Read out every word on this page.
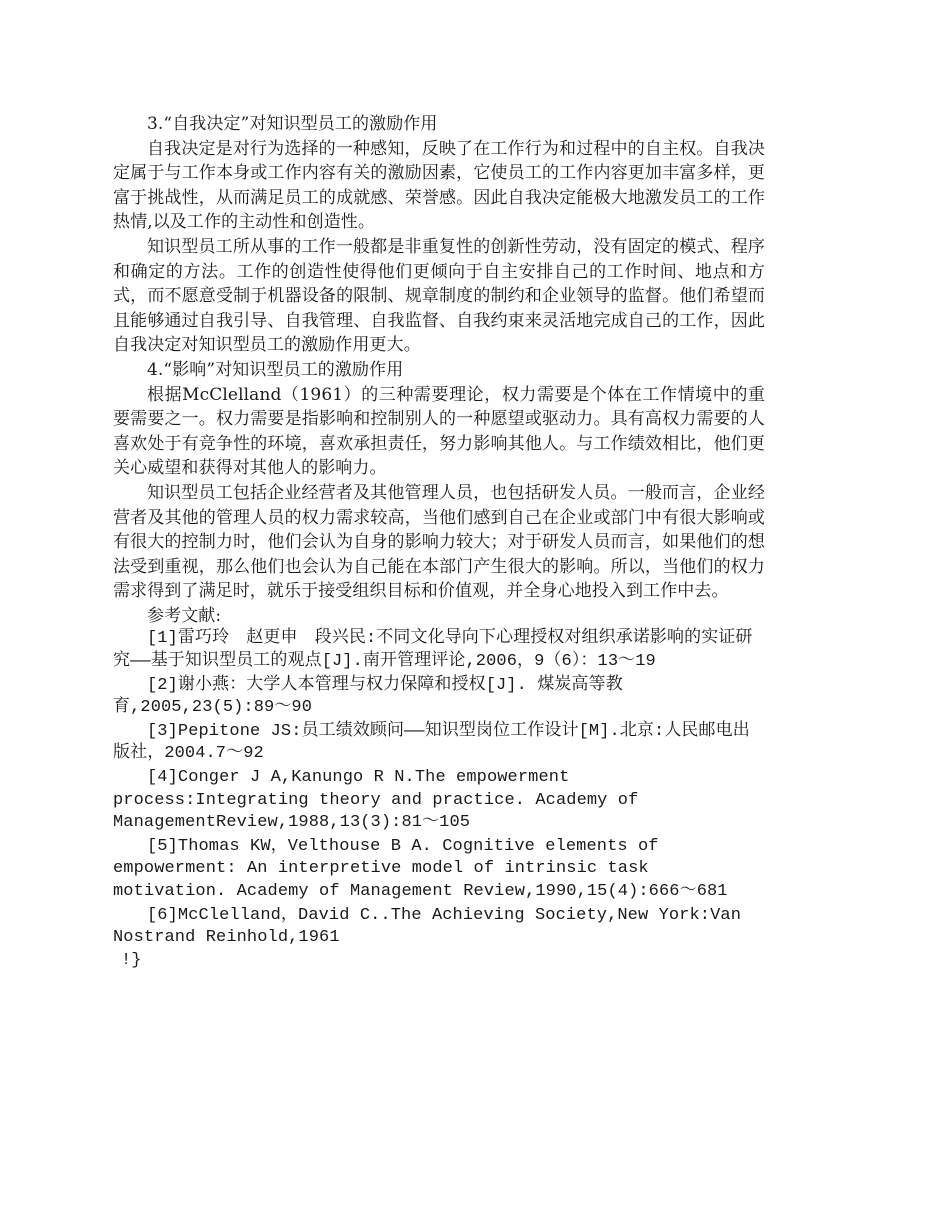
3.“自我决定”对知识型员工的激励作用

自我决定是对行为选择的一种感知，反映了在工作行为和过程中的自主权。自我决定属于与工作本身或工作内容有关的激励因素，它使员工的工作内容更加丰富多样，更富于挑战性，从而满足员工的成就感、荣誉感。因此自我决定能极大地激发员工的工作热情,以及工作的主动性和创造性。

知识型员工所从事的工作一般都是非重复性的创新性劳动，没有固定的模式、程序和确定的方法。工作的创造性使得他们更倾向于自主安排自己的工作时间、地点和方式，而不愿意受制于机器设备的限制、规章制度的制约和企业领导的监督。他们希望而且能够通过自我引导、自我管理、自我监督、自我约束来灵活地完成自己的工作，因此自我决定对知识型员工的激励作用更大。

4.“影响”对知识型员工的激励作用

根据McClelland（1961）的三种需要理论，权力需要是个体在工作情境中的重要需要之一。权力需要是指影响和控制别人的一种愿望或驱动力。具有高权力需要的人喜欢处于有竞争性的环境，喜欢承担责任，努力影响其他人。与工作绩效相比，他们更关心威望和获得对其他人的影响力。

知识型员工包括企业经营者及其他管理人员，也包括研发人员。一般而言，企业经营者及其他的管理人员的权力需求较高，当他们感到自己在企业或部门中有很大影响或有很大的控制力时，他们会认为自身的影响力较大；对于研发人员而言，如果他们的想法受到重视，那么他们也会认为自己能在本部门产生很大的影响。所以，当他们的权力需求得到了满足时，就乐于接受组织目标和价值观，并全身心地投入到工作中去。

参考文献:

[1]雷巧玲　赵更申　段兴民:不同文化导向下心理授权对组织承诺影响的实证研究——基于知识型员工的观点[J].南开管理评论,2006，9（6）：13～19

[2]谢小燕：大学人本管理与权力保障和授权[J]. 煤炭高等教育,2005,23(5):89～90

[3]Pepitone JS:员工绩效顾问——知识型岗位工作设计[M].北京:人民邮电出版社，2004.7～92

[4]Conger J A,Kanungo R N.The empowerment process:Integrating theory and practice. Academy of ManagementReview,1988,13(3):81～105

[5]Thomas KW，Velthouse B A. Cognitive elements of empowerment: An interpretive model of intrinsic task motivation. Academy of Management Review,1990,15(4):666～681

[6]McClelland，David C..The Achieving Society,New York:Van Nostrand Reinhold,1961

!}
